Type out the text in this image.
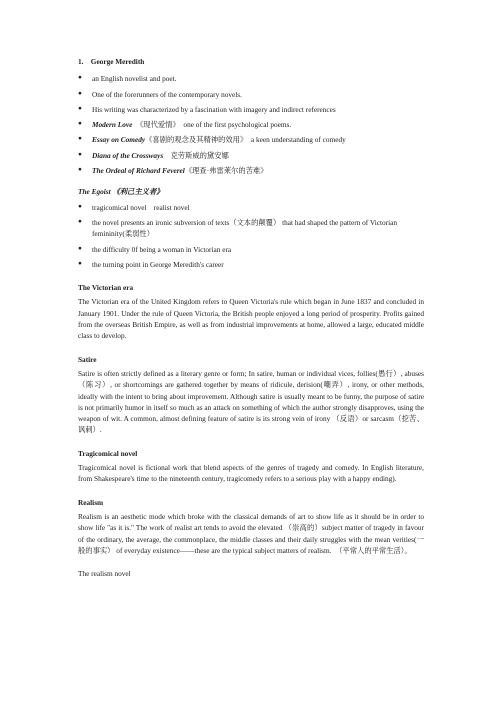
1. George Meredith
● an English novelist and poet.
● One of the forerunners of the contemporary novels.
● His writing was characterized by a fascination with imagery and indirect references
● Modern Love　《现代爱情》　one of the first psychological poems.
● Essay on Comedy《喜剧的观念及其精神的效用》　a keen understanding of comedy
● Diana of the Crossways　克劳斯威的黛安娜
● The Ordeal of Richard Feverel《理查·弗雷莱尔的苦难》
The Egoist 《利己主义者》
● tragicomical novel　realist novel
● the novel presents an ironic subversion of texts（文本的颠覆） that had shaped the pattern of Victorian femininity(柔弱性）
● the difficulty 0f being a woman in Victorian era
● the turning point in George Meredith's career
The Victorian era

The Victorian era of the United Kingdom refers to Queen Victoria's rule which began in June 1837 and concluded in January 1901. Under the rule of Queen Victoria, the British people enjoyed a long period of prosperity. Profits gained from the overseas British Empire, as well as from industrial improvements at home, allowed a large, educated middle class to develop.

Satire

Satire is often strictly defined as a literary genre or form; In satire, human or individual vices, follies(愚行）, abuses（陈习）, or shortcomings are gathered together by means of ridicule, derision(嘲弄）, irony, or other methods, ideally with the intent to bring about improvement. Although satire is usually meant to be funny, the purpose of satire is not primarily humor in itself so much as an attack on something of which the author strongly disapproves, using the weapon of wit. A common, almost defining feature of satire is its strong vein of irony （反语）or sarcasm（挖苦、讽刺）.

Tragicomical novel

Tragicomical novel is fictional work that blend aspects of the genres of tragedy and comedy. In English literature, from Shakespeare's time to the nineteenth century, tragicomedy refers to a serious play with a happy ending).

Realism

Realism is an aesthetic mode which broke with the classical demands of art to show life as it should be in order to show life "as it is." The work of realist art tends to avoid the elevated （崇高的）subject matter of tragedy in favour of the ordinary, the average, the commonplace, the middle classes and their daily struggles with the mean verities(一般的事实） of everyday existence——these are the typical subject matters of realism.　（平常人的平常生活）。

The realism novel
